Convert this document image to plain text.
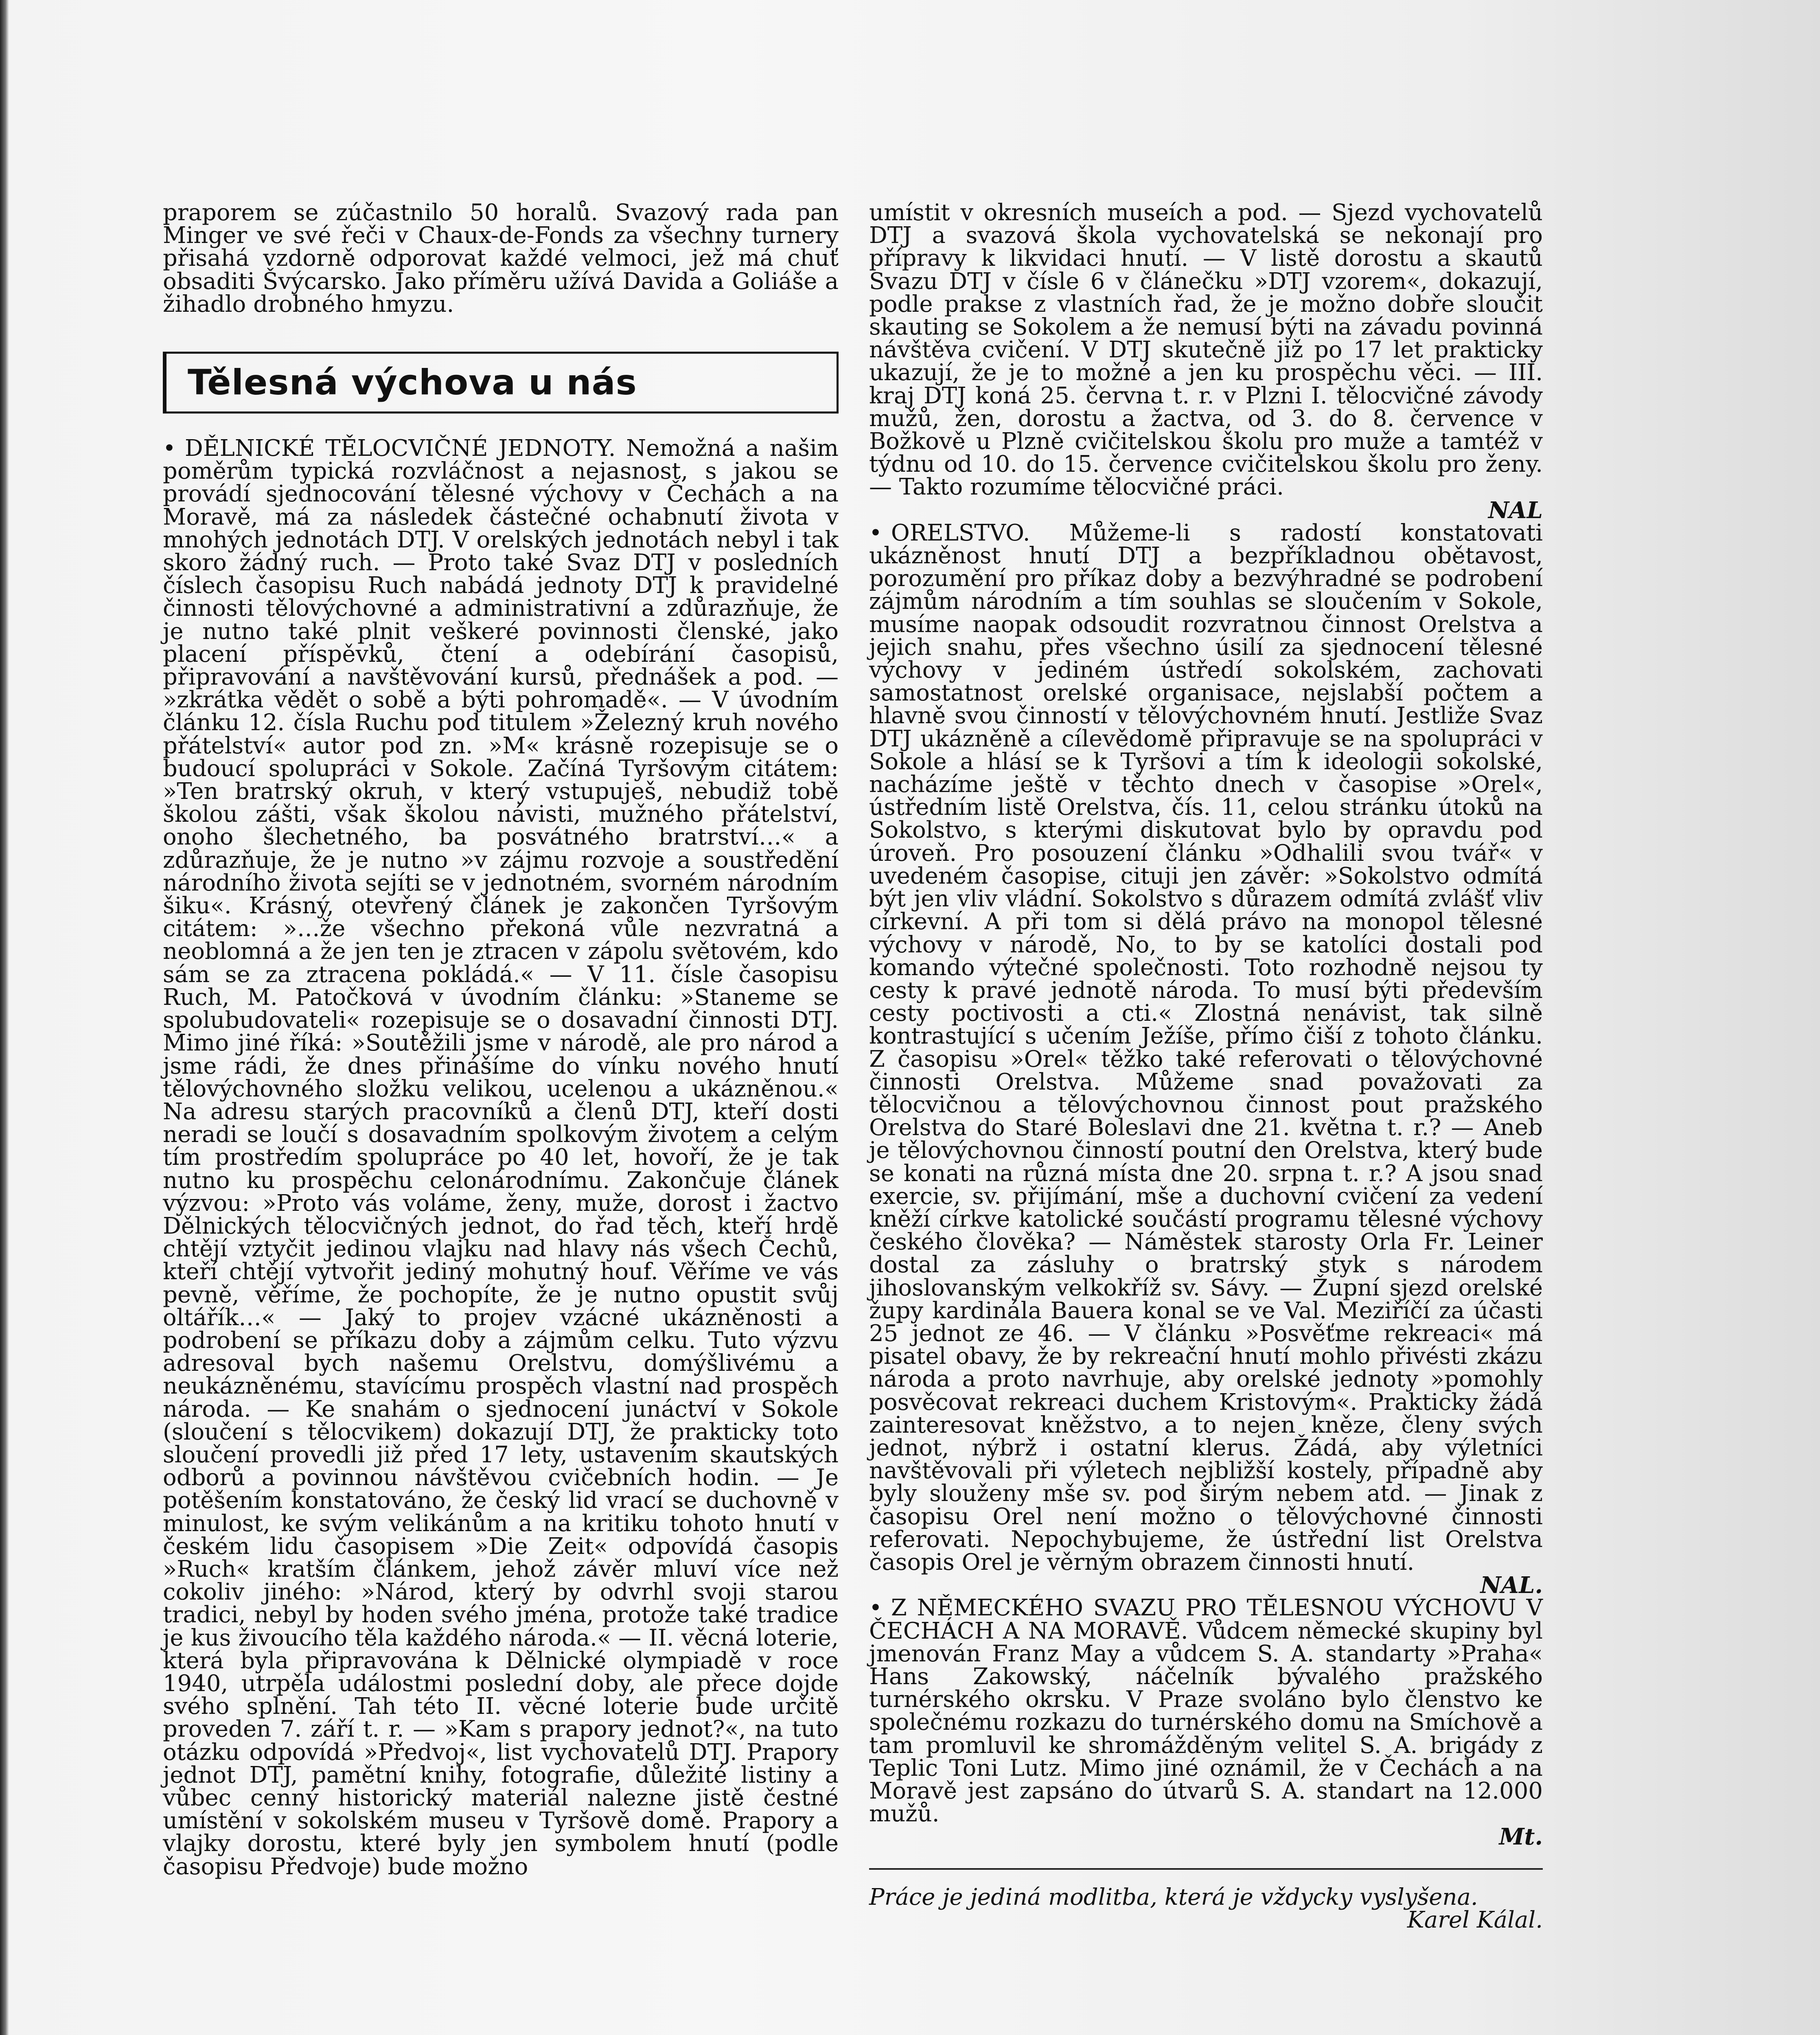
praporem se zúčastnilo 50 horalů. Svazový rada pan Minger ve své řeči v Chaux-de-Fonds za všechny turnery přisahá vzdorně odporovat každé velmoci, jež má chuť obsaditi Švýcarsko. Jako příměru užívá Davida a Goliáše a žihadlo drobného hmyzu.

Tělesná výchova u nás

• DĚLNICKÉ TĚLOCVIČNÉ JEDNOTY. Nemožná a našim poměrům typická rozvláčnost a nejasnost, s jakou se provádí sjednocování tělesné výchovy v Čechách a na Moravě, má za následek částečné ochabnutí života v mnohých jednotách DTJ. V orelských jednotách nebyl i tak skoro žádný ruch. — Proto také Svaz DTJ v posledních číslech časopisu Ruch nabádá jednoty DTJ k pravidelné činnosti tělovýchovné a administrativní a zdůrazňuje, že je nutno také plnit veškeré povinnosti členské, jako placení příspěvků, čtení a odebírání časopisů, připravování a navštěvování kursů, přednášek a pod. — »zkrátka vědět o sobě a býti pohromadě«. — V úvodním článku 12. čísla Ruchu pod titulem »Železný kruh nového přátelství« autor pod zn. »M« krásně rozepisuje se o budoucí spolupráci v Sokole. Začíná Tyršovým citátem: »Ten bratrský okruh, v který vstupuješ, nebudiž tobě školou zášti, však školou návisti, mužného přátelství, onoho šlechetného, ba posvátného bratrství…« a zdůrazňuje, že je nutno »v zájmu rozvoje a soustředění národního života sejíti se v jednotném, svorném národním šiku«. Krásný, otevřený článek je zakončen Tyršovým citátem: »…že všechno překoná vůle nezvratná a neoblomná a že jen ten je ztracen v zápolu světovém, kdo sám se za ztracena pokládá.« — V 11. čísle časopisu Ruch, M. Patočková v úvodním článku: »Staneme se spolubudovateli« rozepisuje se o dosavadní činnosti DTJ. Mimo jiné říká: »Soutěžili jsme v národě, ale pro národ a jsme rádi, že dnes přinášíme do vínku nového hnutí tělovýchovného složku velikou, ucelenou a ukázněnou.« Na adresu starých pracovníků a členů DTJ, kteří dosti neradi se loučí s dosavadním spolkovým životem a celým tím prostředím spolupráce po 40 let, hovoří, že je tak nutno ku prospěchu celonárodnímu. Zakončuje článek výzvou: »Proto vás voláme, ženy, muže, dorost i žactvo Dělnických tělocvičných jednot, do řad těch, kteří hrdě chtějí vztyčit jedinou vlajku nad hlavy nás všech Čechů, kteří chtějí vytvořit jediný mohutný houf. Věříme ve vás pevně, věříme, že pochopíte, že je nutno opustit svůj oltářík…« — Jaký to projev vzácné ukázněnosti a podrobení se příkazu doby a zájmům celku. Tuto výzvu adresoval bych našemu Orelstvu, domýšlivému a neukázněnému, stavícímu prospěch vlastní nad prospěch národa. — Ke snahám o sjednocení junáctví v Sokole (sloučení s tělocvikem) dokazují DTJ, že prakticky toto sloučení provedli již před 17 lety, ustavením skautských odborů a povinnou návštěvou cvičebních hodin. — Je potěšením konstatováno, že český lid vrací se duchovně v minulost, ke svým velikánům a na kritiku tohoto hnutí v českém lidu časopisem »Die Zeit« odpovídá časopis »Ruch« kratším článkem, jehož závěr mluví více než cokoliv jiného: »Národ, který by odvrhl svoji starou tradici, nebyl by hoden svého jména, protože také tradice je kus živoucího těla každého národa.« — II. věcná loterie, která byla připravována k Dělnické olympiadě v roce 1940, utrpěla událostmi poslední doby, ale přece dojde svého splnění. Tah této II. věcné loterie bude určitě proveden 7. září t. r. — »Kam s prapory jednot?«, na tuto otázku odpovídá »Předvoj«, list vychovatelů DTJ. Prapory jednot DTJ, pamětní knihy, fotografie, důležité listiny a vůbec cenný historický materiál nalezne jistě čestné umístění v sokolském museu v Tyršově domě. Prapory a vlajky dorostu, které byly jen symbolem hnutí (podle časopisu Předvoje) bude možno

umístit v okresních museích a pod. — Sjezd vychovatelů DTJ a svazová škola vychovatelská se nekonají pro přípravy k likvidaci hnutí. — V listě dorostu a skautů Svazu DTJ v čísle 6 v článečku »DTJ vzorem«, dokazují, podle prakse z vlastních řad, že je možno dobře sloučit skauting se Sokolem a že nemusí býti na závadu povinná návštěva cvičení. V DTJ skutečně již po 17 let prakticky ukazují, že je to možné a jen ku prospěchu věci. — III. kraj DTJ koná 25. června t. r. v Plzni I. tělocvičné závody mužů, žen, dorostu a žactva, od 3. do 8. července v Božkově u Plzně cvičitelskou školu pro muže a tamtéž v týdnu od 10. do 15. července cvičitelskou školu pro ženy. — Takto rozumíme tělocvičné práci.

NAL

• ORELSTVO. Můžeme-li s radostí konstatovati ukázněnost hnutí DTJ a bezpříkladnou obětavost, porozumění pro příkaz doby a bezvýhradné se podrobení zájmům národním a tím souhlas se sloučením v Sokole, musíme naopak odsoudit rozvratnou činnost Orelstva a jejich snahu, přes všechno úsilí za sjednocení tělesné výchovy v jediném ústředí sokolském, zachovati samostatnost orelské organisace, nejslabší počtem a hlavně svou činností v tělovýchovném hnutí. Jestliže Svaz DTJ ukázněně a cílevědomě připravuje se na spolupráci v Sokole a hlásí se k Tyršovi a tím k ideologii sokolské, nacházíme ještě v těchto dnech v časopise »Orel«, ústředním listě Orelstva, čís. 11, celou stránku útoků na Sokolstvo, s kterými diskutovat bylo by opravdu pod úroveň. Pro posouzení článku »Odhalili svou tvář« v uvedeném časopise, cituji jen závěr: »Sokolstvo odmítá být jen vliv vládní. Sokolstvo s důrazem odmítá zvlášť vliv církevní. A při tom si dělá právo na monopol tělesné výchovy v národě, No, to by se katolíci dostali pod komando výtečné společnosti. Toto rozhodně nejsou ty cesty k pravé jednotě národa. To musí býti především cesty poctivosti a cti.« Zlostná nenávist, tak silně kontrastující s učením Ježíše, přímo čiší z tohoto článku. Z časopisu »Orel« těžko také referovati o tělovýchovné činnosti Orelstva. Můžeme snad považovati za tělocvičnou a tělovýchovnou činnost pout pražského Orelstva do Staré Boleslavi dne 21. května t. r.? — Aneb je tělovýchovnou činností poutní den Orelstva, který bude se konati na různá místa dne 20. srpna t. r.? A jsou snad exercie, sv. přijímání, mše a duchovní cvičení za vedení kněží církve katolické součástí programu tělesné výchovy českého člověka? — Náměstek starosty Orla Fr. Leiner dostal za zásluhy o bratrský styk s národem jihoslovanským velkokříž sv. Sávy. — Župní sjezd orelské župy kardinála Bauera konal se ve Val. Meziříčí za účasti 25 jednot ze 46. — V článku »Posvěťme rekreaci« má pisatel obavy, že by rekreační hnutí mohlo přivésti zkázu národa a proto navrhuje, aby orelské jednoty »pomohly posvěcovat rekreaci duchem Kristovým«. Prakticky žádá zainteresovat kněžstvo, a to nejen kněze, členy svých jednot, nýbrž i ostatní klerus. Žádá, aby výletníci navštěvovali při výletech nejbližší kostely, případně aby byly slouženy mše sv. pod širým nebem atd. — Jinak z časopisu Orel není možno o tělovýchovné činnosti referovati. Nepochybujeme, že ústřední list Orelstva časopis Orel je věrným obrazem činnosti hnutí.

NAL.

• Z NĚMECKÉHO SVAZU PRO TĚLESNOU VÝCHOVU V ČECHÁCH A NA MORAVĚ. Vůdcem německé skupiny byl jmenován Franz May a vůdcem S. A. standarty »Praha« Hans Zakowský, náčelník bývalého pražského turnérského okrsku. V Praze svoláno bylo členstvo ke společnému rozkazu do turnérského domu na Smíchově a tam promluvil ke shromážděným velitel S. A. brigády z Teplic Toni Lutz. Mimo jiné oznámil, že v Čechách a na Moravě jest zapsáno do útvarů S. A. standart na 12.000 mužů.

Mt.

Práce je jediná modlitba, která je vždycky vyslyšena.
Karel Kálal.
